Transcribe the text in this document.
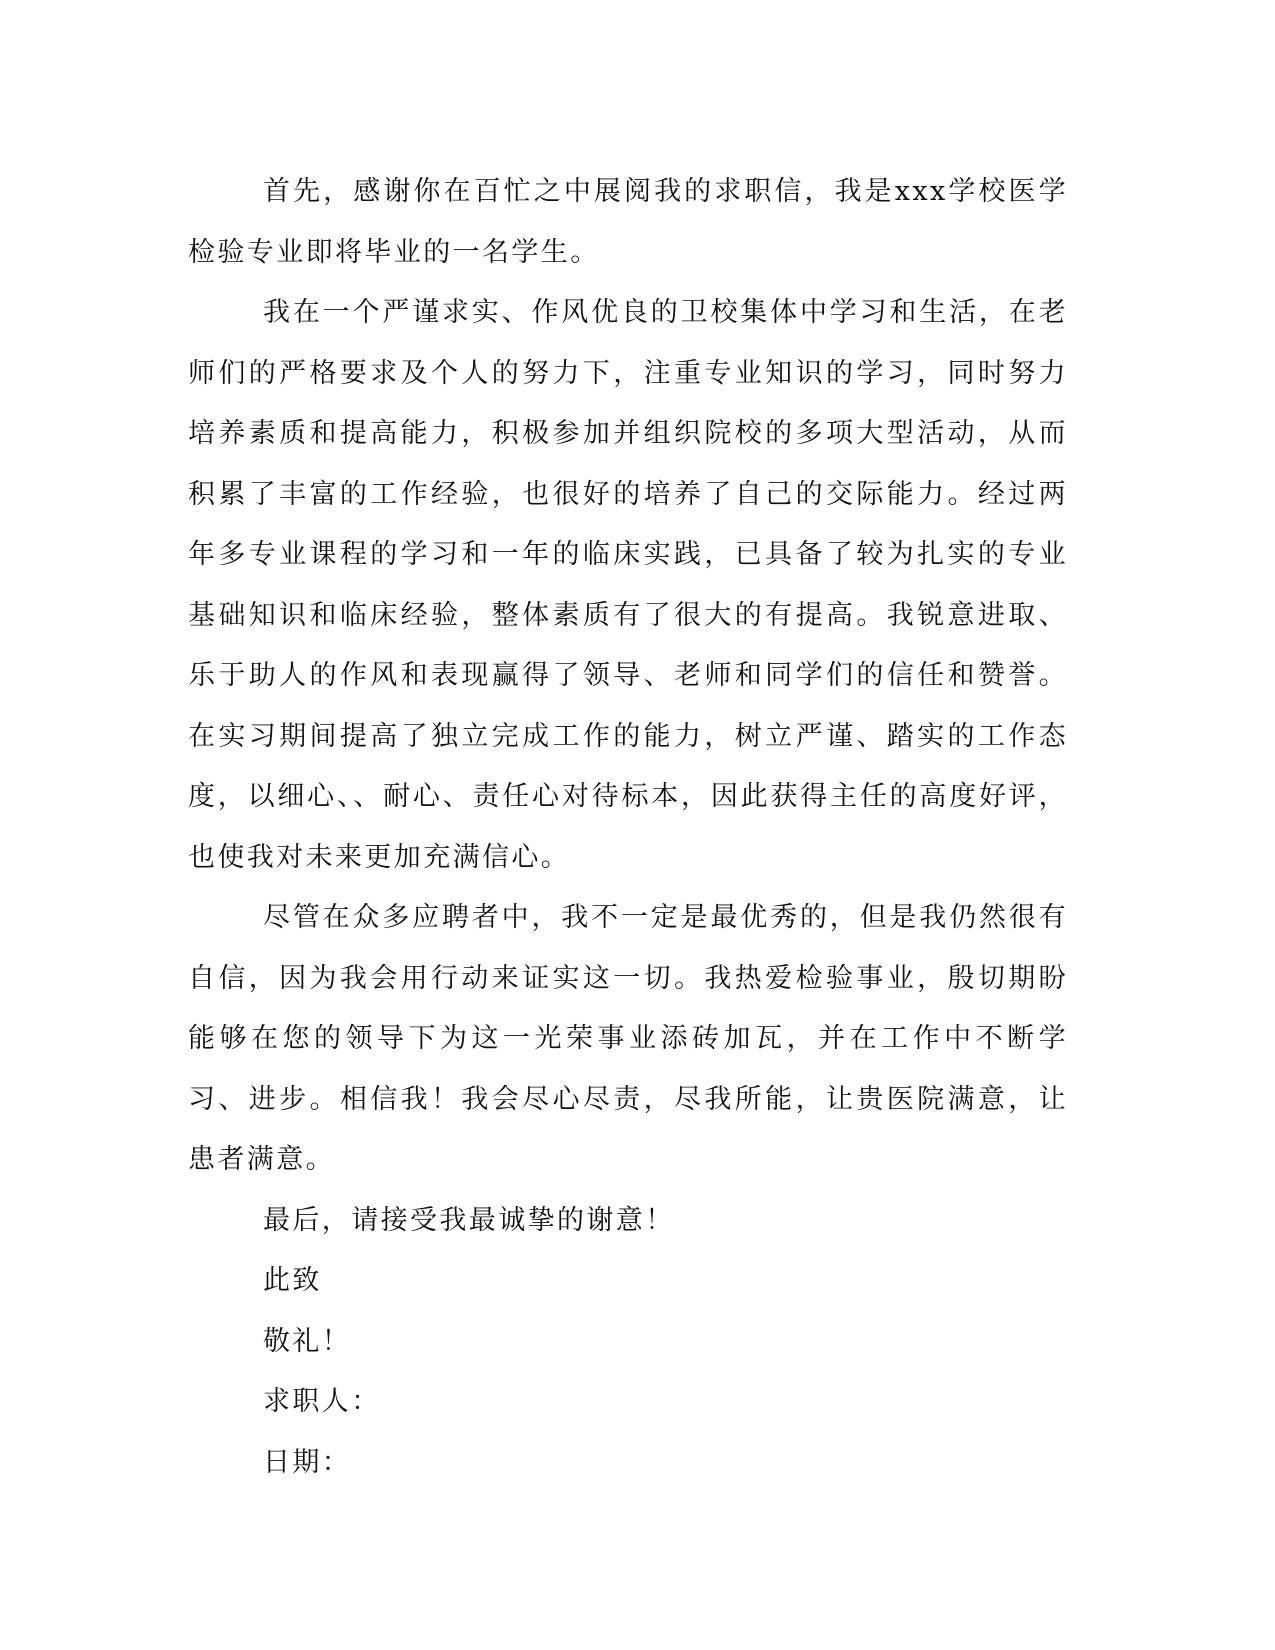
首先，感谢你在百忙之中展阅我的求职信，我是xxx学校医学检验专业即将毕业的一名学生。

我在一个严谨求实、作风优良的卫校集体中学习和生活，在老师们的严格要求及个人的努力下，注重专业知识的学习，同时努力培养素质和提高能力，积极参加并组织院校的多项大型活动，从而积累了丰富的工作经验，也很好的培养了自己的交际能力。经过两年多专业课程的学习和一年的临床实践，已具备了较为扎实的专业基础知识和临床经验，整体素质有了很大的有提高。我锐意进取、乐于助人的作风和表现赢得了领导、老师和同学们的信任和赞誉。在实习期间提高了独立完成工作的能力，树立严谨、踏实的工作态度，以细心、、耐心、责任心对待标本，因此获得主任的高度好评，也使我对未来更加充满信心。

尽管在众多应聘者中，我不一定是最优秀的，但是我仍然很有自信，因为我会用行动来证实这一切。我热爱检验事业，殷切期盼能够在您的领导下为这一光荣事业添砖加瓦，并在工作中不断学习、进步。相信我！我会尽心尽责，尽我所能，让贵医院满意，让患者满意。

最后，请接受我最诚挚的谢意！

此致

敬礼！

求职人：

日期：
